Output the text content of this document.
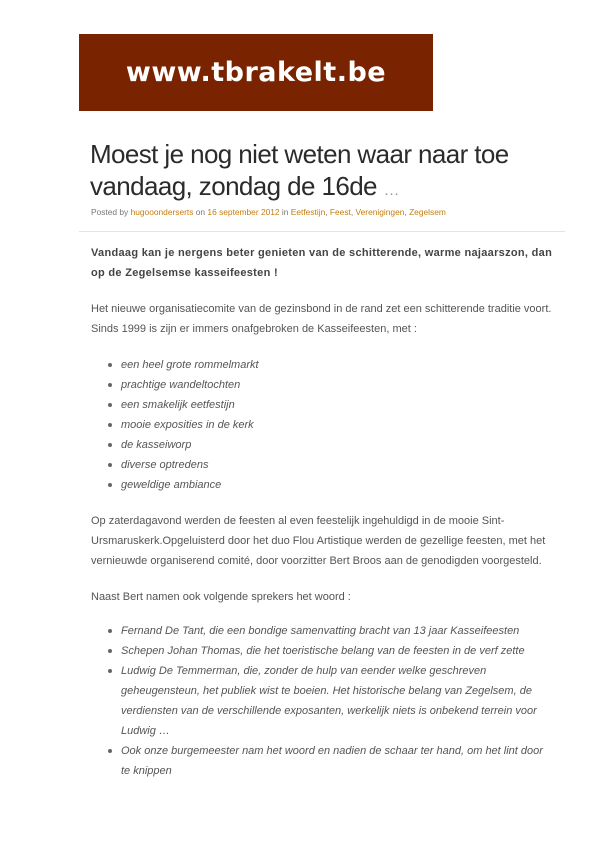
www.tbrakelt.be
Moest je nog niet weten waar naar toe vandaag, zondag de 16de …
Posted by hugooonderserts on 16 september 2012 in Eetfestijn, Feest, Verenigingen, Zegelsem

Vandaag kan je nergens beter genieten van de schitterende, warme najaarszon, dan op de Zegelsemse kasseifeesten !

Het nieuwe organisatiecomite van de gezinsbond in de rand zet een schitterende traditie voort.
Sinds 1999 is zijn er immers onafgebroken de Kasseifeesten, met :

een heel grote rommelmarkt
prachtige wandeltochten
een smakelijk eetfestijn
mooie exposities in de kerk
de kasseiworp
diverse optredens
geweldige ambiance

Op zaterdagavond werden de feesten al even feestelijk ingehuldigd in de mooie Sint-Ursmaruskerk.Opgeluisterd door het duo Flou Artistique werden de gezellige feesten, met het vernieuwde organiserend comité, door voorzitter Bert Broos aan de genodigden voorgesteld.

Naast Bert namen ook volgende sprekers het woord :

Fernand De Tant, die een bondige samenvatting bracht van 13 jaar Kasseifeesten
Schepen Johan Thomas, die het toeristische belang van de feesten in de verf zette
Ludwig De Temmerman, die, zonder de hulp van eender welke geschreven geheugensteun, het publiek wist te boeien. Het historische belang van Zegelsem, de verdiensten van de verschillende exposanten, werkelijk niets is onbekend terrein voor Ludwig …
Ook onze burgemeester nam het woord en nadien de schaar ter hand, om het lint door te knippen
